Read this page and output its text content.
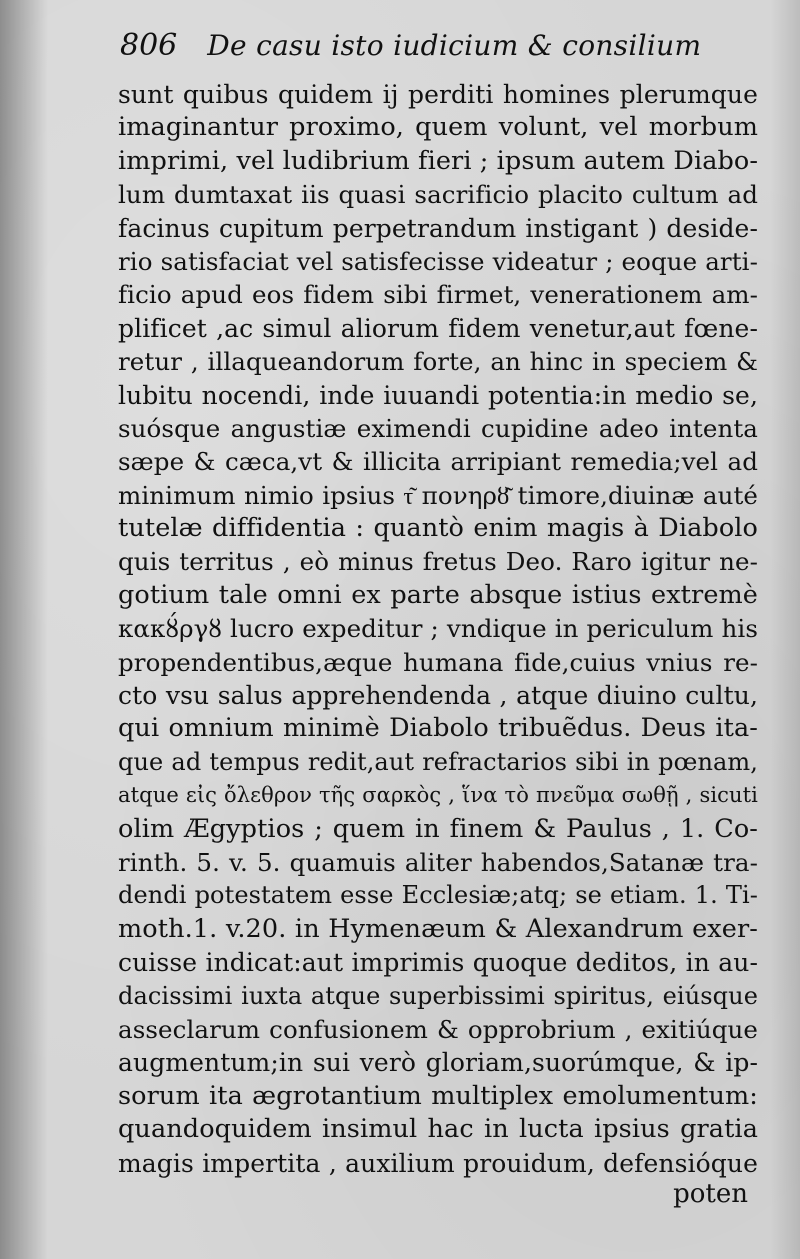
806 De casu isto iudicium & consilium
sunt quibus quidem ij perditi homines plerumque
imaginantur proximo, quem volunt, vel morbum
imprimi, vel ludibrium fieri ; ipsum autem Diabo-
lum dumtaxat iis quasi sacrificio placito cultum ad
facinus cupitum perpetrandum instigant ) deside-
rio satisfaciat vel satisfecisse videatur ; eoque arti-
ficio apud eos fidem sibi firmet, venerationem am-
plificet ,ac simul aliorum fidem venetur,aut fœne-
retur , illaqueandorum forte, an hinc in speciem &
lubitu nocendi, inde iuuandi potentia:in medio se,
suósque angustiæ eximendi cupidine adeo intenta
sæpe & cæca,vt & illicita arripiant remedia;vel ad
minimum nimio ipsius τ͂ πονηρȣ͂ timore,diuinæ auté
tutelæ diffidentia : quantò enim magis à Diabolo
quis territus , eò minus fretus Deo. Raro igitur ne-
gotium tale omni ex parte absque istius extremè
κακȣ́ργȣ lucro expeditur ; vndique in periculum his
propendentibus,æque humana fide,cuius vnius re-
cto vsu salus apprehendenda , atque diuino cultu,
qui omnium minimè Diabolo tribuẽdus. Deus ita-
que ad tempus redit,aut refractarios sibi in pœnam,
atque εἰς ὄλεθρον τῆς σαρκὸς , ἵνα τὸ πνεῦμα σωθῇ , sicuti
olim Ægyptios ; quem in finem & Paulus , 1. Co-
rinth. 5. v. 5. quamuis aliter habendos,Satanæ tra-
dendi potestatem esse Ecclesiæ;atq; se etiam. 1. Ti-
moth.1. v.20. in Hymenæum & Alexandrum exer-
cuisse indicat:aut imprimis quoque deditos, in au-
dacissimi iuxta atque superbissimi spiritus, eiúsque
asseclarum confusionem & opprobrium , exitiúque
augmentum;in sui verò gloriam,suorúmque, & ip-
sorum ita ægrotantium multiplex emolumentum:
quandoquidem insimul hac in lucta ipsius gratia
magis impertita , auxilium prouidum, defensióque
poten
